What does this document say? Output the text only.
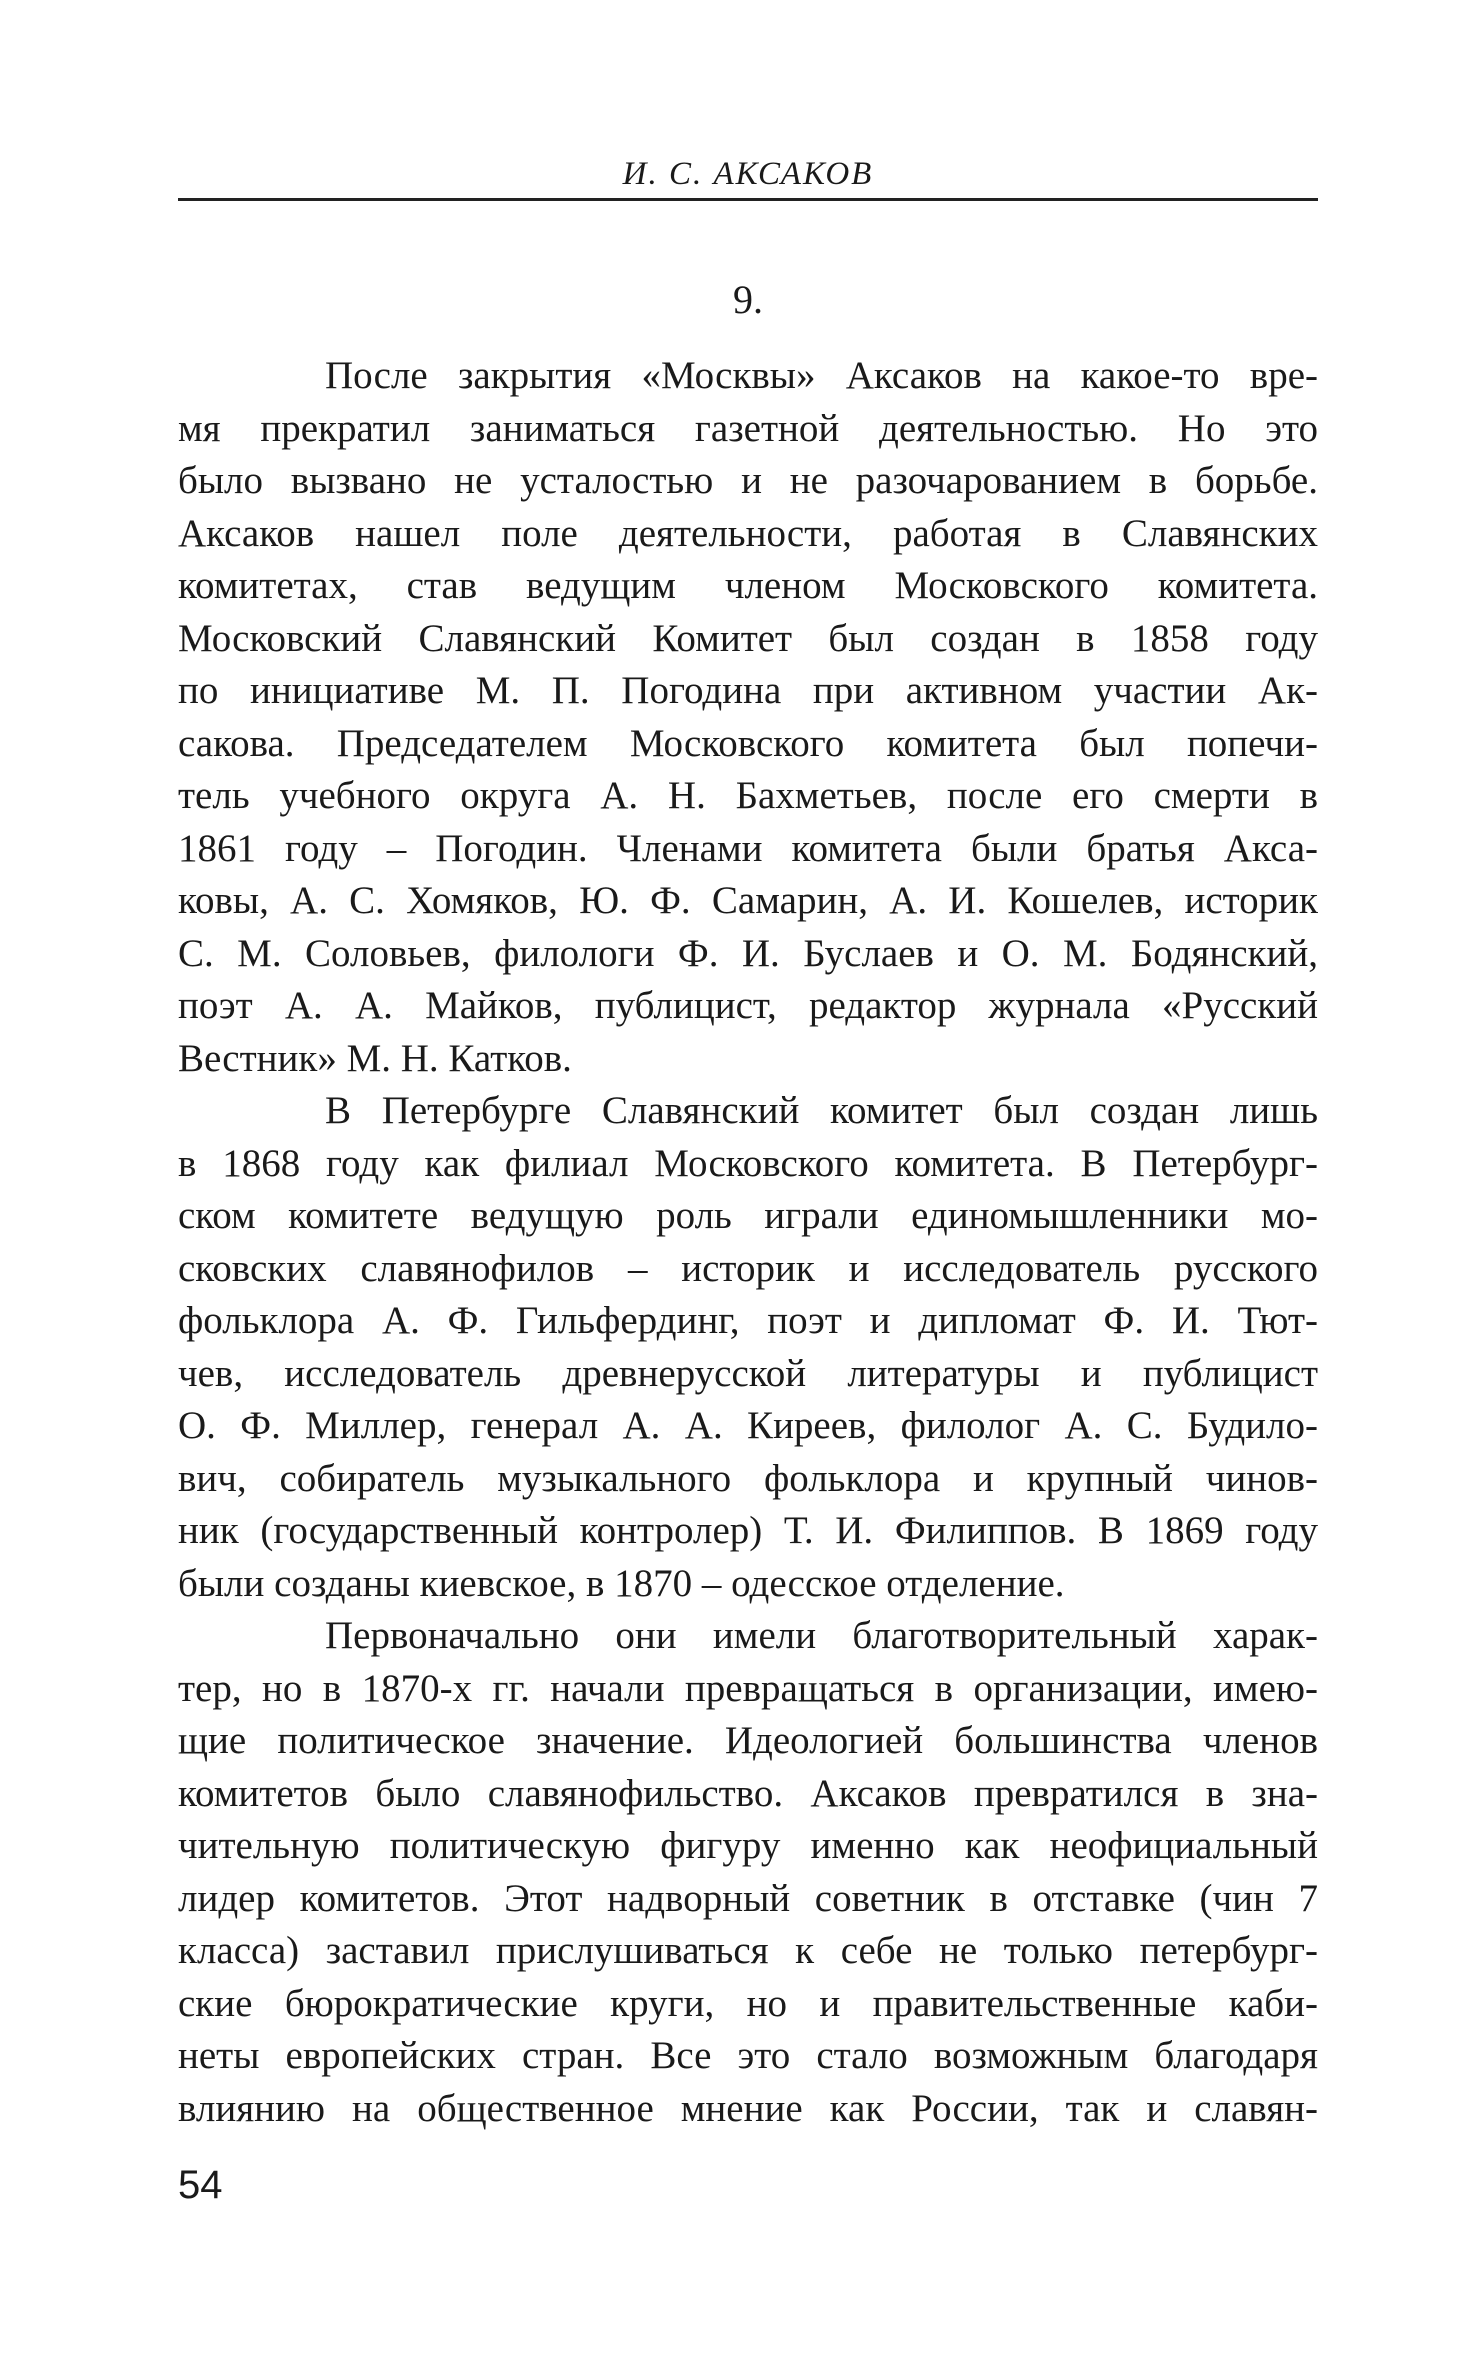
И. С. АКСАКОВ
9.
После закрытия «Москвы» Аксаков на какое-то вре-
мя прекратил заниматься газетной деятельностью. Но это
было вызвано не усталостью и не разочарованием в борьбе.
Аксаков нашел поле деятельности, работая в Славянских
комитетах, став ведущим членом Московского комитета.
Московский Славянский Комитет был создан в 1858 году
по инициативе М. П. Погодина при активном участии Ак-
сакова. Председателем Московского комитета был попечи-
тель учебного округа А. Н. Бахметьев, после его смерти в
1861 году – Погодин. Членами комитета были братья Акса-
ковы, А. С. Хомяков, Ю. Ф. Самарин, А. И. Кошелев, историк
С. М. Соловьев, филологи Ф. И. Буслаев и О. М. Бодянский,
поэт А. А. Майков, публицист, редактор журнала «Русский
Вестник» М. Н. Катков.
В Петербурге Славянский комитет был создан лишь
в 1868 году как филиал Московского комитета. В Петербург-
ском комитете ведущую роль играли единомышленники мо-
сковских славянофилов – историк и исследователь русского
фольклора А. Ф. Гильфердинг, поэт и дипломат Ф. И. Тют-
чев, исследователь древнерусской литературы и публицист
О. Ф. Миллер, генерал А. А. Киреев, филолог А. С. Будило-
вич, собиратель музыкального фольклора и крупный чинов-
ник (государственный контролер) Т. И. Филиппов. В 1869 году
были созданы киевское, в 1870 – одесское отделение.
Первоначально они имели благотворительный харак-
тер, но в 1870-х гг. начали превращаться в организации, имею-
щие политическое значение. Идеологией большинства членов
комитетов было славянофильство. Аксаков превратился в зна-
чительную политическую фигуру именно как неофициальный
лидер комитетов. Этот надворный советник в отставке (чин 7
класса) заставил прислушиваться к себе не только петербург-
ские бюрократические круги, но и правительственные каби-
неты европейских стран. Все это стало возможным благодаря
влиянию на общественное мнение как России, так и славян-
54
